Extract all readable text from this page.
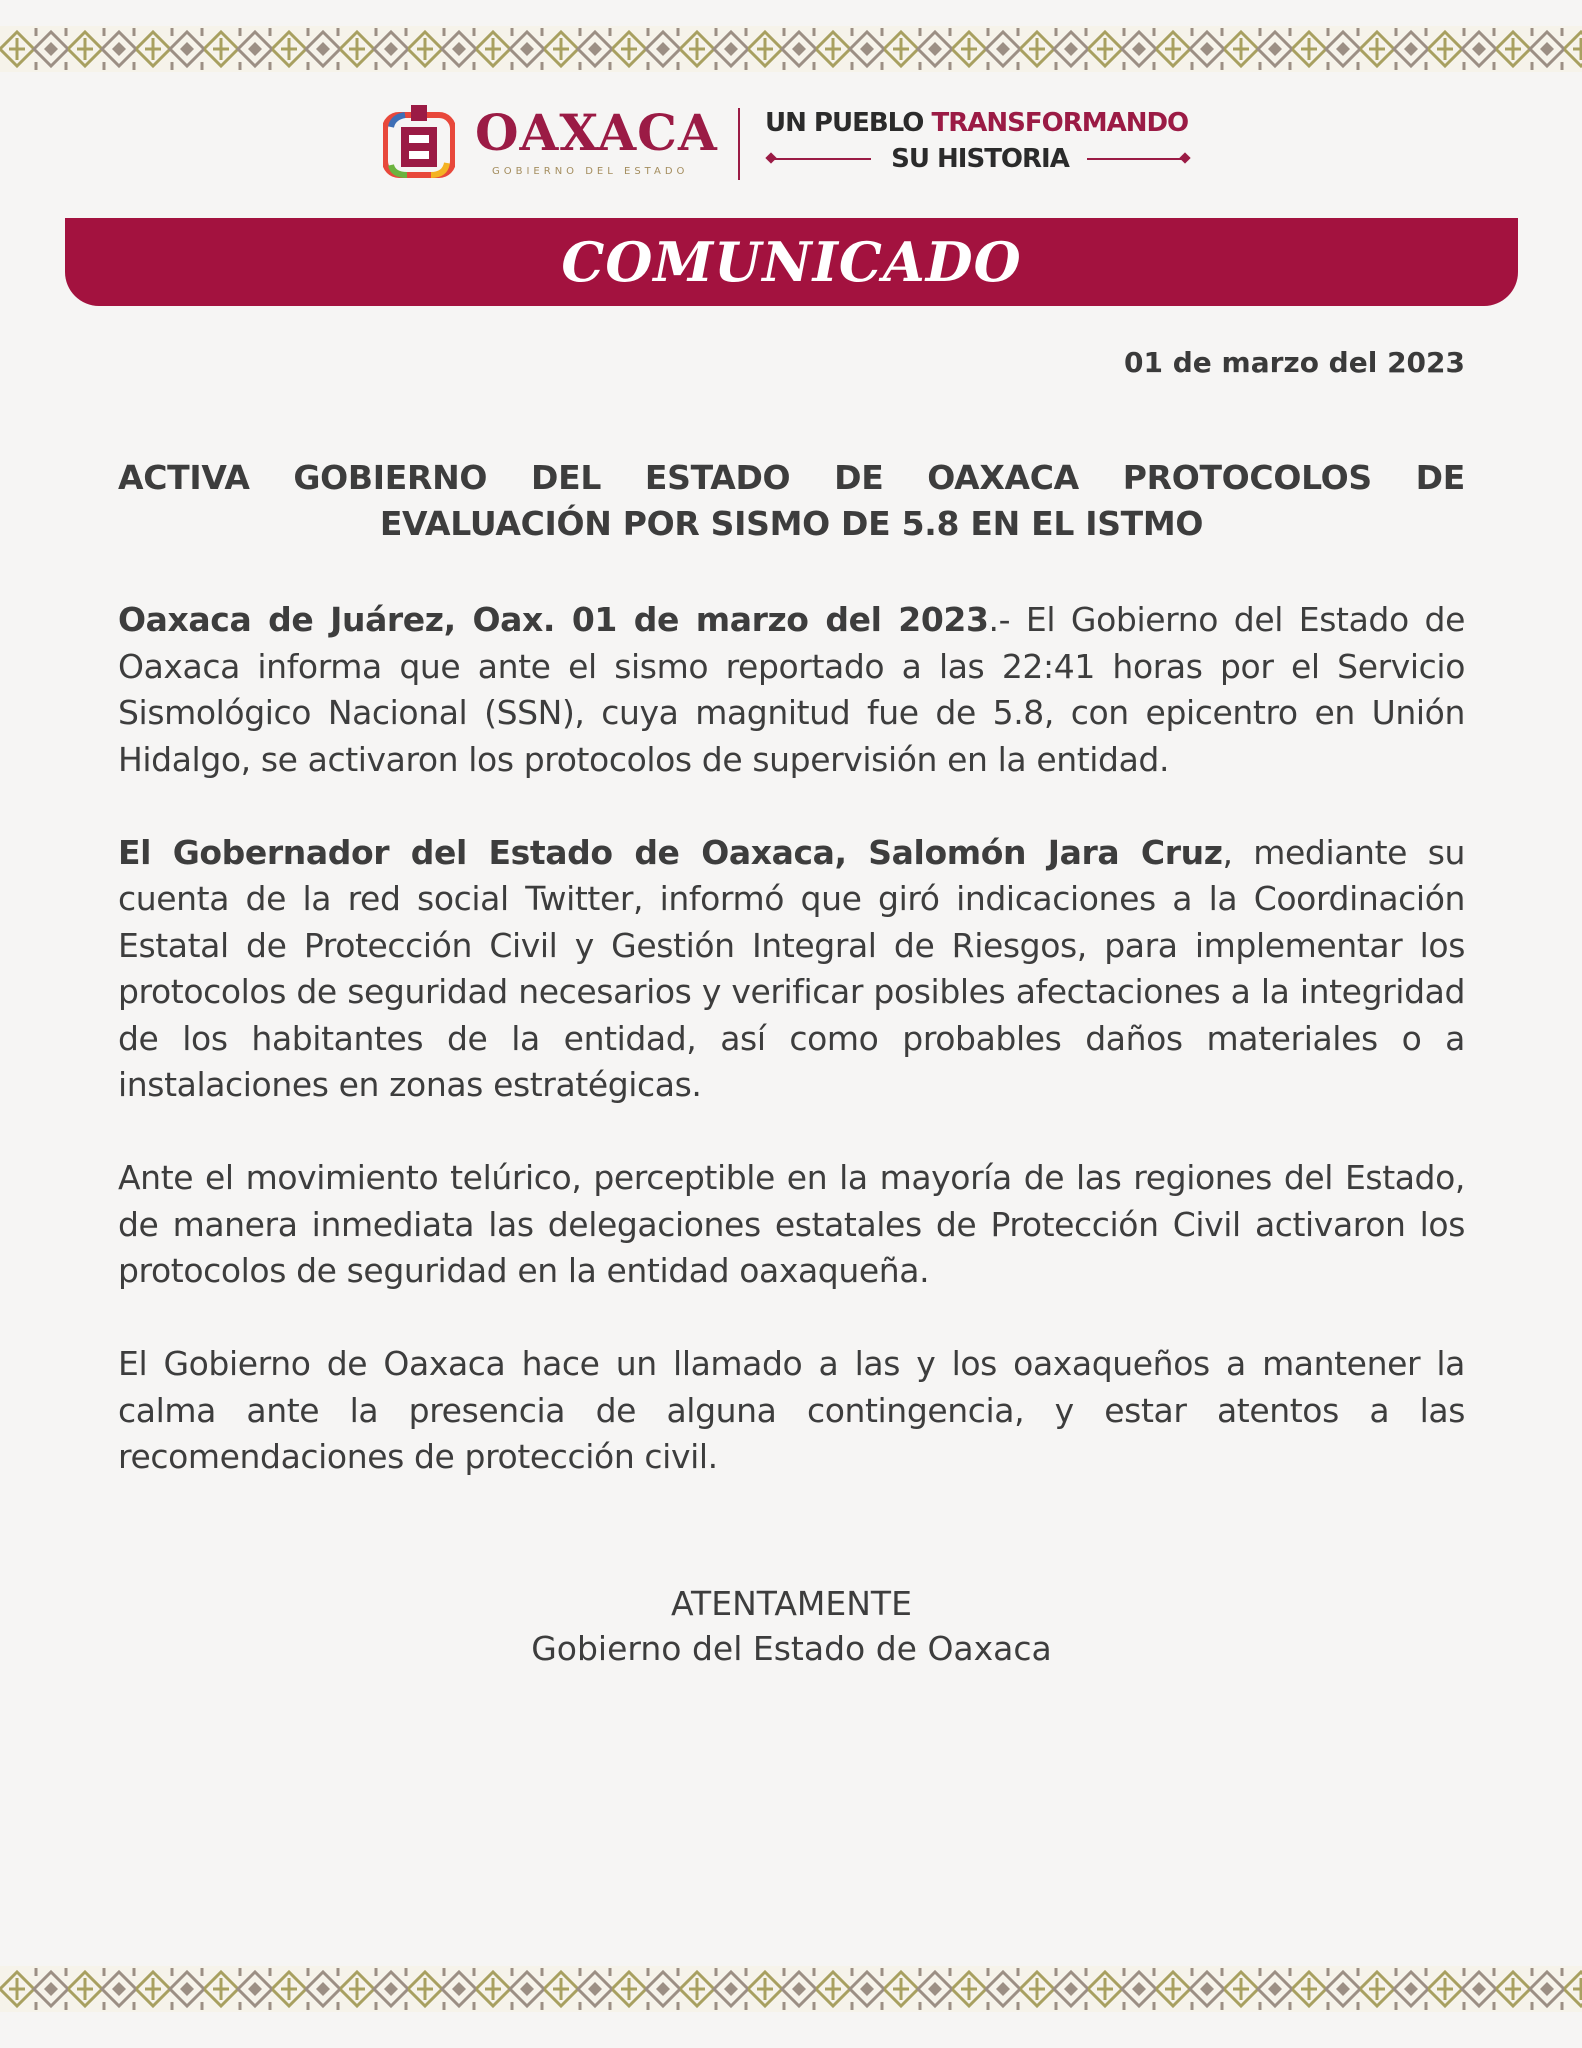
OAXACA
GOBIERNO DEL ESTADO
UN PUEBLO TRANSFORMANDO
SU HISTORIA
COMUNICADO
01 de marzo del 2023
ACTIVA GOBIERNO DEL ESTADO DE OAXACA PROTOCOLOS DE EVALUACIÓN POR SISMO DE 5.8 EN EL ISTMO

Oaxaca de Juárez, Oax. 01 de marzo del 2023.- El Gobierno del Estado de Oaxaca informa que ante el sismo reportado a las 22:41 horas por el Servicio Sismológico Nacional (SSN), cuya magnitud fue de 5.8, con epicentro en Unión Hidalgo, se activaron los protocolos de supervisión en la entidad.

El Gobernador del Estado de Oaxaca, Salomón Jara Cruz, mediante su cuenta de la red social Twitter, informó que giró indicaciones a la Coordinación Estatal de Protección Civil y Gestión Integral de Riesgos, para implementar los protocolos de seguridad necesarios y verificar posibles afectaciones a la integridad de los habitantes de la entidad, así como probables daños materiales o a instalaciones en zonas estratégicas.

Ante el movimiento telúrico, perceptible en la mayoría de las regiones del Estado, de manera inmediata las delegaciones estatales de Protección Civil activaron los protocolos de seguridad en la entidad oaxaqueña.

El Gobierno de Oaxaca hace un llamado a las y los oaxaqueños a mantener la calma ante la presencia de alguna contingencia, y estar atentos a las recomendaciones de protección civil.

ATENTAMENTE
Gobierno del Estado de Oaxaca
